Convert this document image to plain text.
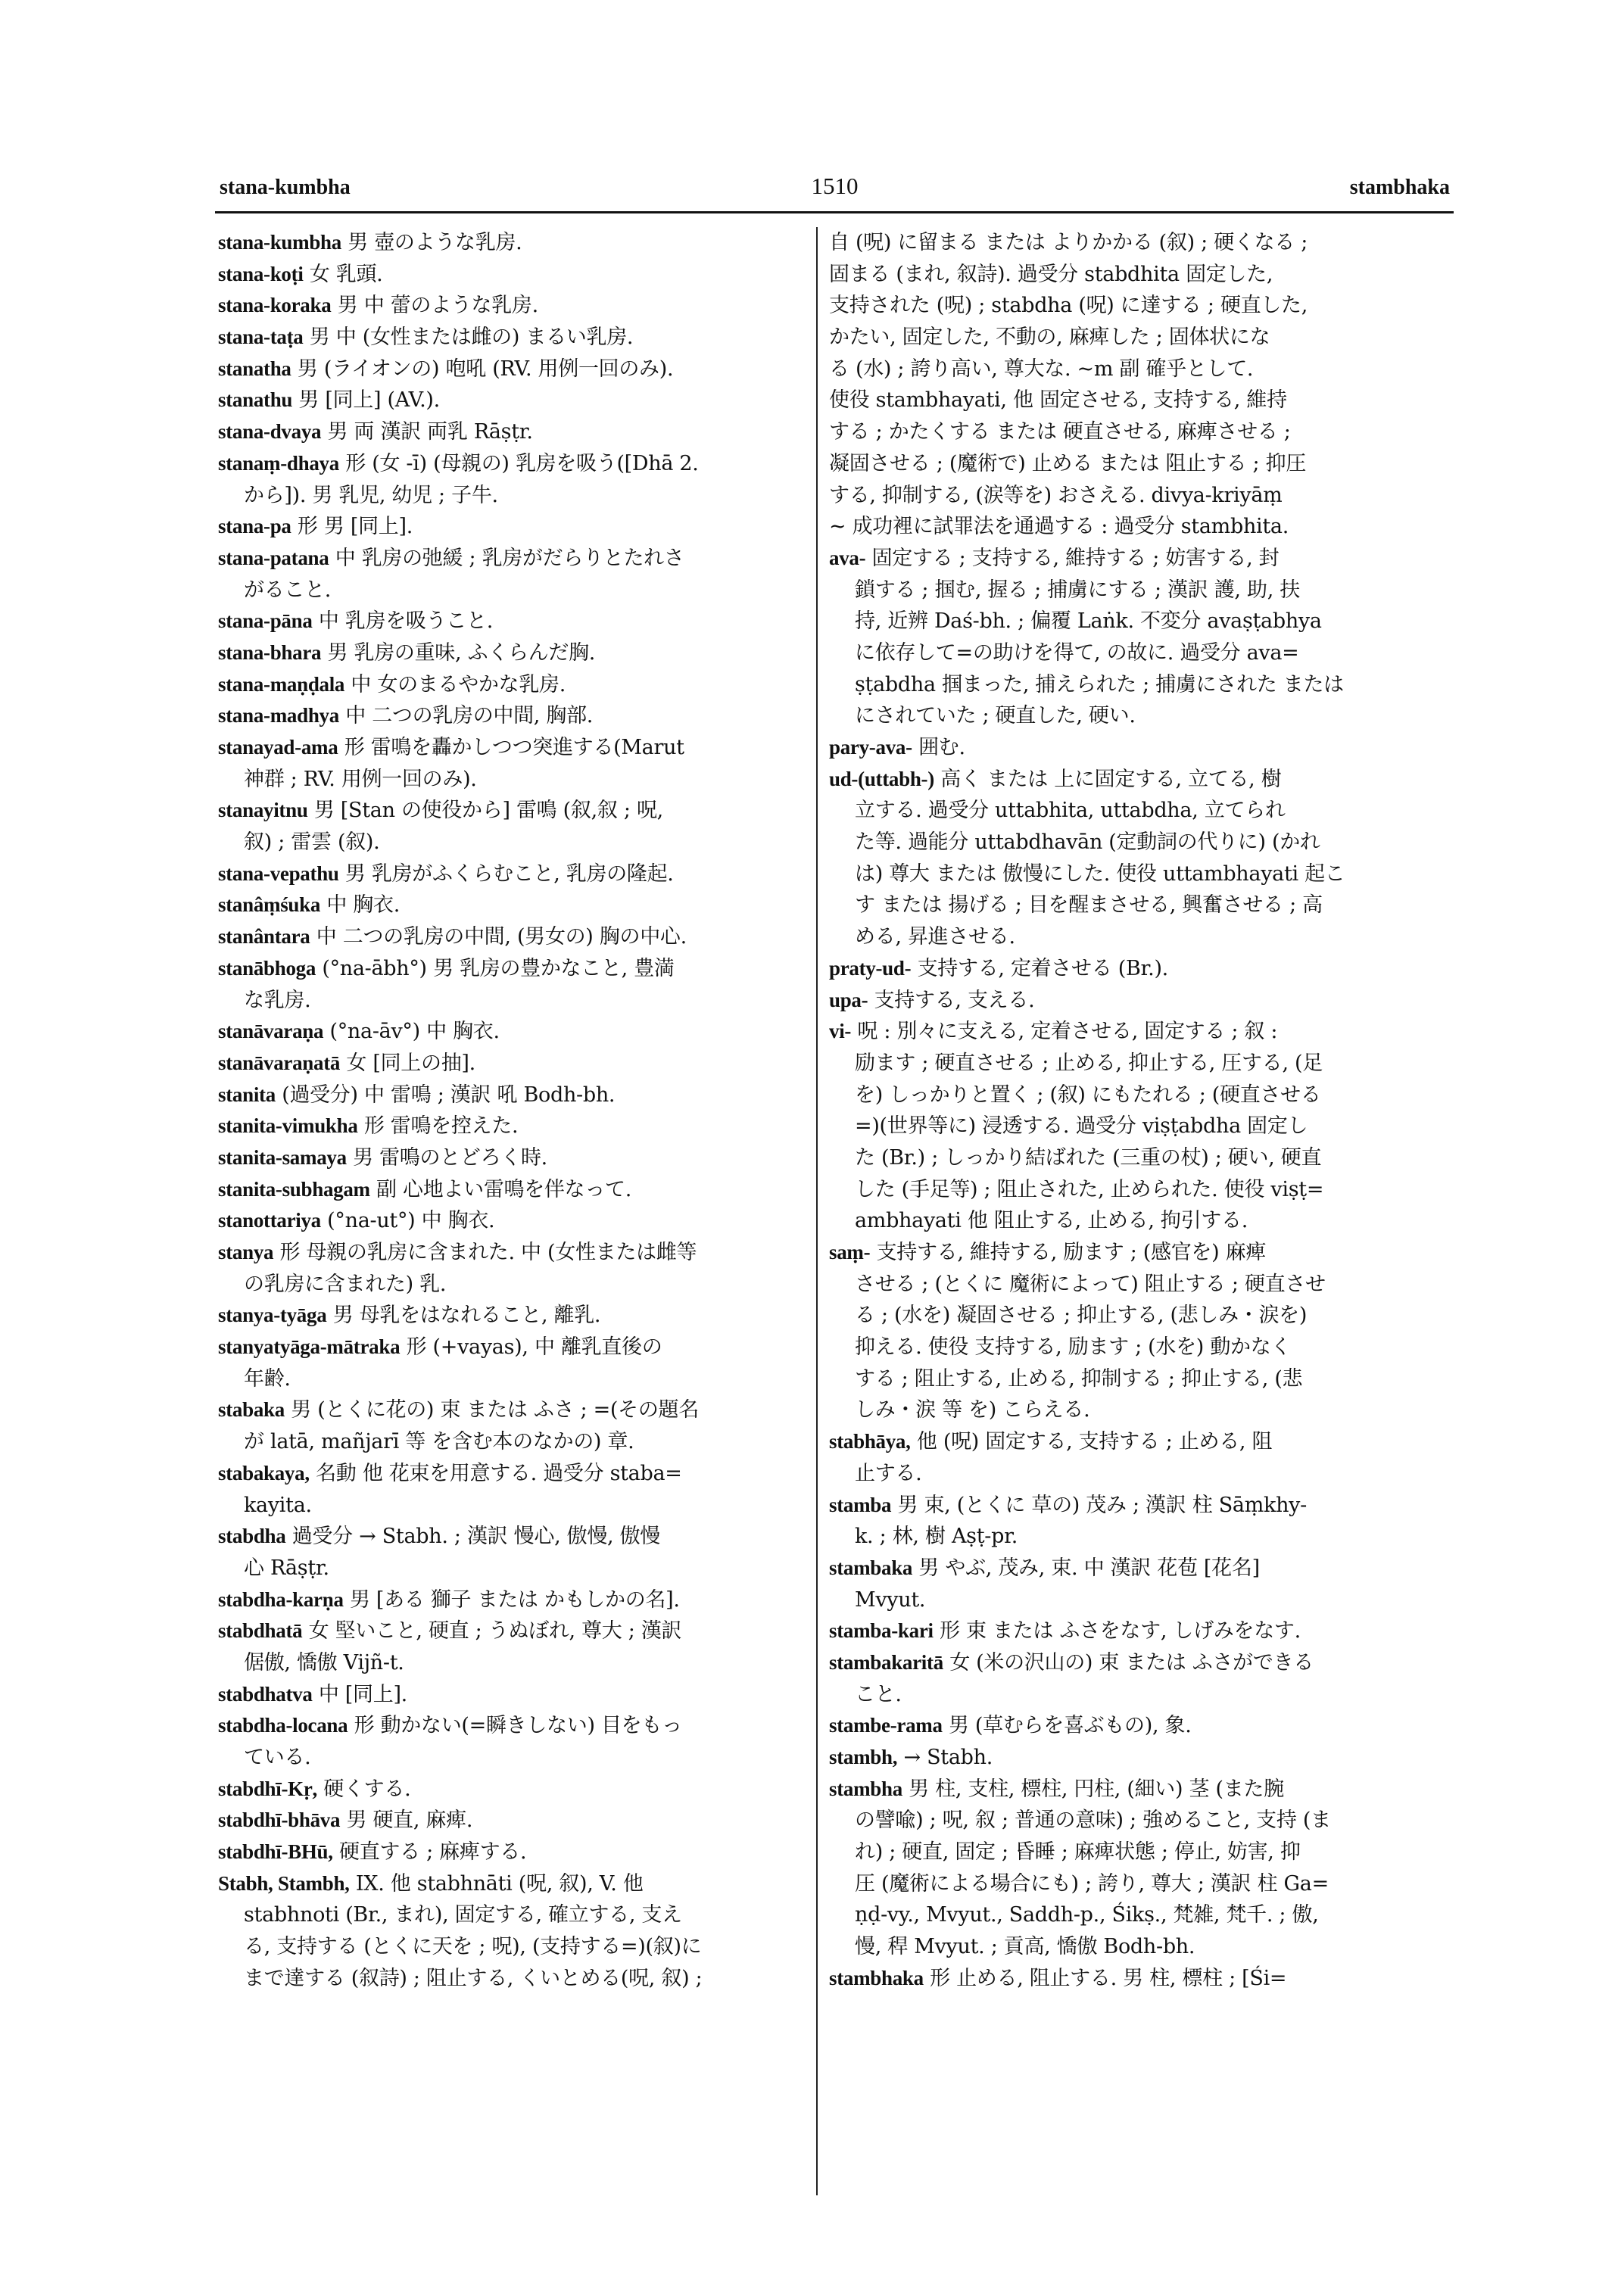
stana-kumbha	1510	stambhaka
stana-kumbha 男 壺のような乳房.
stana-koṭi 女 乳頭.
stana-koraka 男 中 蕾のような乳房.
stana-taṭa 男 中 (女性または雌の) まるい乳房.
stanatha 男 (ライオンの) 咆吼 (RV. 用例一回のみ).
stanathu 男 [同上] (AV.).
stana-dvaya 男 両 漢訳 両乳 Rāṣṭr.
stanaṃ-dhaya 形 (女 -ī) (母親の) 乳房を吸う([Dhā 2.
から]). 男 乳児, 幼児 ; 子牛.
stana-pa 形 男 [同上].
stana-patana 中 乳房の弛緩 ; 乳房がだらりとたれさ
がること.
stana-pāna 中 乳房を吸うこと.
stana-bhara 男 乳房の重味, ふくらんだ胸.
stana-maṇḍala 中 女のまるやかな乳房.
stana-madhya 中 二つの乳房の中間, 胸部.
stanayad-ama 形 雷鳴を轟かしつつ突進する(Marut
神群 ; RV. 用例一回のみ).
stanayitnu 男 [Stan の使役から] 雷鳴 (叙,叙 ; 呪,
叙) ; 雷雲 (叙).
stana-vepathu 男 乳房がふくらむこと, 乳房の隆起.
stanâṃśuka 中 胸衣.
stanântara 中 二つの乳房の中間, (男女の) 胸の中心.
stanābhoga (°na-ābh°) 男 乳房の豊かなこと, 豊満
な乳房.
stanāvaraṇa (°na-āv°) 中 胸衣.
stanāvaraṇatā 女 [同上の抽].
stanita (過受分) 中 雷鳴 ; 漢訳 吼 Bodh-bh.
stanita-vimukha 形 雷鳴を控えた.
stanita-samaya 男 雷鳴のとどろく時.
stanita-subhagam 副 心地よい雷鳴を伴なって.
stanottariya (°na-ut°) 中 胸衣.
stanya 形 母親の乳房に含まれた. 中 (女性または雌等
の乳房に含まれた) 乳.
stanya-tyāga 男 母乳をはなれること, 離乳.
stanyatyāga-mātraka 形 (+vayas), 中 離乳直後の
年齢.
stabaka 男 (とくに花の) 束 または ふさ ; =(その題名
が latā, mañjarī 等 を含む本のなかの) 章.
stabakaya, 名動 他 花束を用意する. 過受分 staba=
kayita.
stabdha 過受分 → Stabh. ; 漢訳 慢心, 傲慢, 傲慢
心 Rāṣṭr.
stabdha-karṇa 男 [ある 獅子 または かもしかの名].
stabdhatā 女 堅いこと, 硬直 ; うぬぼれ, 尊大 ; 漢訳
倨傲, 憍傲 Vijñ-t.
stabdhatva 中 [同上].
stabdha-locana 形 動かない(=瞬きしない) 目をもっ
ている.
stabdhī-Kṛ, 硬くする.
stabdhī-bhāva 男 硬直, 麻痺.
stabdhī-BHū, 硬直する ; 麻痺する.
Stabh, Stambh, IX. 他 stabhnāti (呪, 叙), V. 他
stabhnoti (Br., まれ), 固定する, 確立する, 支え
る, 支持する (とくに天を ; 呪), (支持する=)(叙)に
まで達する (叙詩) ; 阻止する, くいとめる(呪, 叙) ;
自 (呪) に留まる または よりかかる (叙) ; 硬くなる ;
固まる (まれ, 叙詩). 過受分 stabdhita 固定した,
支持された (呪) ; stabdha (呪) に達する ; 硬直した,
かたい, 固定した, 不動の, 麻痺した ; 固体状にな
る (水) ; 誇り高い, 尊大な. ~m 副 確乎として.
使役 stambhayati, 他 固定させる, 支持する, 維持
する ; かたくする または 硬直させる, 麻痺させる ;
凝固させる ; (魔術で) 止める または 阻止する ; 抑圧
する, 抑制する, (涙等を) おさえる. divya-kriyāṃ
~ 成功裡に試罪法を通過する : 過受分 stambhita.
ava- 固定する ; 支持する, 維持する ; 妨害する, 封
鎖する ; 掴む, 握る ; 捕虜にする ; 漢訳 護, 助, 扶
持, 近辨 Daś-bh. ; 偏覆 Laṅk. 不変分 avaṣṭabhya
に依存して=の助けを得て, の故に. 過受分 ava=
ṣṭabdha 掴まった, 捕えられた ; 捕虜にされた または
にされていた ; 硬直した, 硬い.
pary-ava- 囲む.
ud-(uttabh-) 高く または 上に固定する, 立てる, 樹
立する. 過受分 uttabhita, uttabdha, 立てられ
た等. 過能分 uttabdhavān (定動詞の代りに) (かれ
は) 尊大 または 傲慢にした. 使役 uttambhayati 起こ
す または 揚げる ; 目を醒まさせる, 興奮させる ; 高
める, 昇進させる.
praty-ud- 支持する, 定着させる (Br.).
upa- 支持する, 支える.
vi- 呪 : 別々に支える, 定着させる, 固定する ; 叙 :
励ます ; 硬直させる ; 止める, 抑止する, 圧する, (足
を) しっかりと置く ; (叙) にもたれる ; (硬直させる
=)(世界等に) 浸透する. 過受分 viṣṭabdha 固定し
た (Br.) ; しっかり結ばれた (三重の杖) ; 硬い, 硬直
した (手足等) ; 阻止された, 止められた. 使役 viṣṭ=
ambhayati 他 阻止する, 止める, 拘引する.
saṃ- 支持する, 維持する, 励ます ; (感官を) 麻痺
させる ; (とくに 魔術によって) 阻止する ; 硬直させ
る ; (水を) 凝固させる ; 抑止する, (悲しみ・涙を)
抑える. 使役 支持する, 励ます ; (水を) 動かなく
する ; 阻止する, 止める, 抑制する ; 抑止する, (悲
しみ・涙 等 を) こらえる.
stabhāya, 他 (呪) 固定する, 支持する ; 止める, 阻
止する.
stamba 男 束, (とくに 草の) 茂み ; 漢訳 柱 Sāṃkhy-
k. ; 林, 樹 Aṣṭ-pr.
stambaka 男 やぶ, 茂み, 束. 中 漢訳 花苞 [花名]
Mvyut.
stamba-kari 形 束 または ふさをなす, しげみをなす.
stambakaritā 女 (米の沢山の) 束 または ふさができる
こと.
stambe-rama 男 (草むらを喜ぶもの), 象.
stambh, → Stabh.
stambha 男 柱, 支柱, 標柱, 円柱, (細い) 茎 (また腕
の譬喩) ; 呪, 叙 ; 普通の意味) ; 強めること, 支持 (ま
れ) ; 硬直, 固定 ; 昏睡 ; 麻痺状態 ; 停止, 妨害, 抑
圧 (魔術による場合にも) ; 誇り, 尊大 ; 漢訳 柱 Ga=
ṇḍ-vy., Mvyut., Saddh-p., Śikṣ., 梵雑, 梵千. ; 傲,
慢, 稈 Mvyut. ; 貢高, 憍傲 Bodh-bh.
stambhaka 形 止める, 阻止する. 男 柱, 標柱 ; [Śi=
